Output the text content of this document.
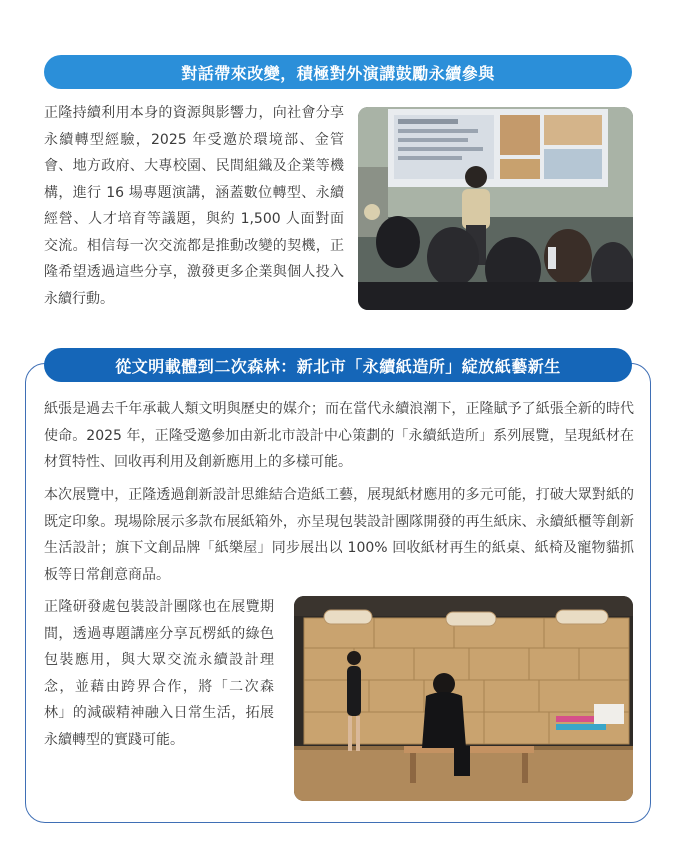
對話帶來改變，積極對外演講鼓勵永續參與

正隆持續利用本身的資源與影響力，向社會分享永續轉型經驗，2025 年受邀於環境部、金管會、地方政府、大專校園、民間組織及企業等機構，進行 16 場專題演講，涵蓋數位轉型、永續經營、人才培育等議題，與約 1,500 人面對面交流。相信每一次交流都是推動改變的契機，正隆希望透過這些分享，激發更多企業與個人投入永續行動。

從文明載體到二次森林：新北市「永續紙造所」綻放紙藝新生

紙張是過去千年承載人類文明與歷史的媒介；而在當代永續浪潮下，正隆賦予了紙張全新的時代使命。2025 年，正隆受邀參加由新北市設計中心策劃的「永續紙造所」系列展覽，呈現紙材在材質特性、回收再利用及創新應用上的多樣可能。

本次展覽中，正隆透過創新設計思維結合造紙工藝，展現紙材應用的多元可能，打破大眾對紙的既定印象。現場除展示多款布展紙箱外，亦呈現包裝設計團隊開發的再生紙床、永續紙櫃等創新生活設計；旗下文創品牌「紙樂屋」同步展出以 100% 回收紙材再生的紙桌、紙椅及寵物貓抓板等日常創意商品。

正隆研發處包裝設計團隊也在展覽期間，透過專題講座分享瓦楞紙的綠色包裝應用，與大眾交流永續設計理念，並藉由跨界合作，將「二次森林」的減碳精神融入日常生活，拓展永續轉型的實踐可能。
